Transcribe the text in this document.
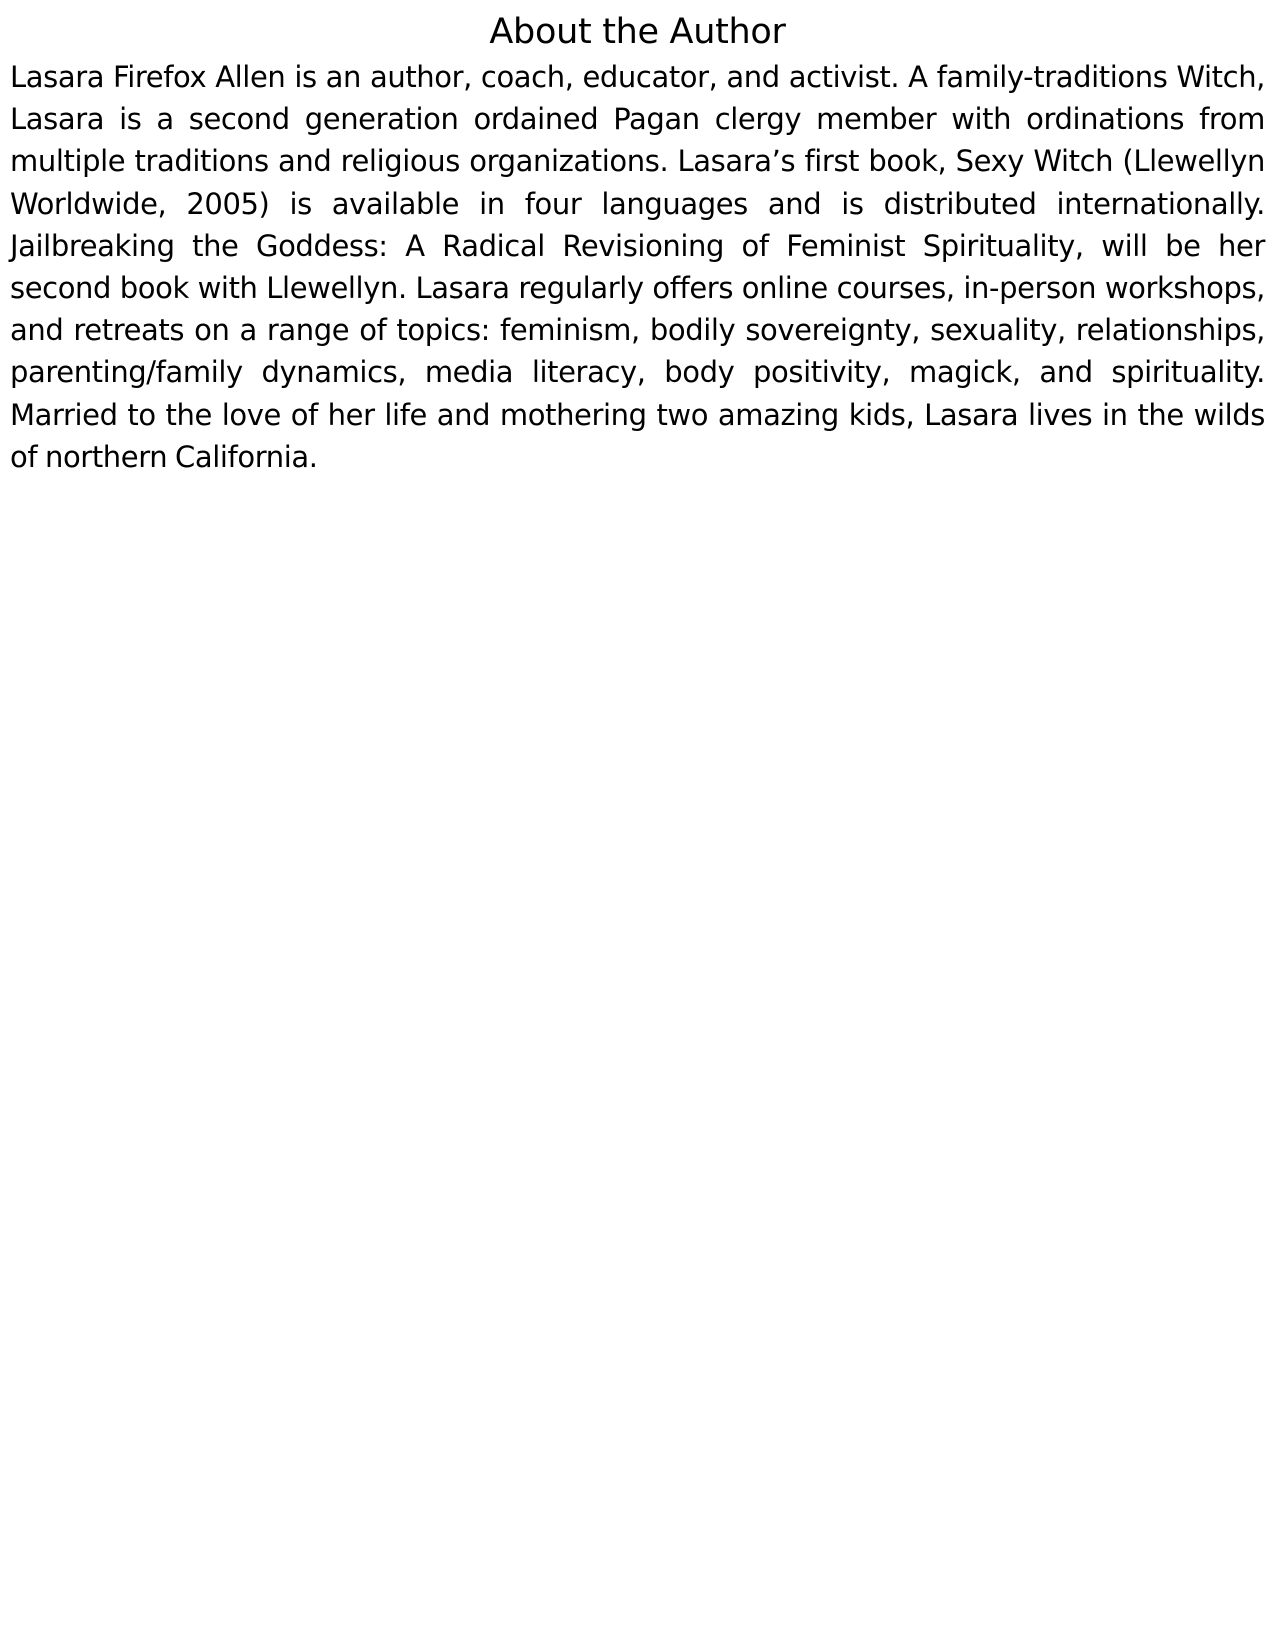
About the Author

Lasara Firefox Allen is an author, coach, educator, and activist. A family-traditions Witch, Lasara is a second generation ordained Pagan clergy member with ordinations from multiple traditions and religious organizations. Lasara’s first book, Sexy Witch (Llewellyn Worldwide, 2005) is available in four languages and is distributed internationally. Jailbreaking the Goddess: A Radical Revisioning of Feminist Spirituality, will be her second book with Llewellyn. Lasara regularly offers online courses, in-person workshops, and retreats on a range of topics: feminism, bodily sovereignty, sexuality, relationships, parenting/family dynamics, media literacy, body positivity, magick, and spirituality. Married to the love of her life and mothering two amazing kids, Lasara lives in the wilds of northern California.
